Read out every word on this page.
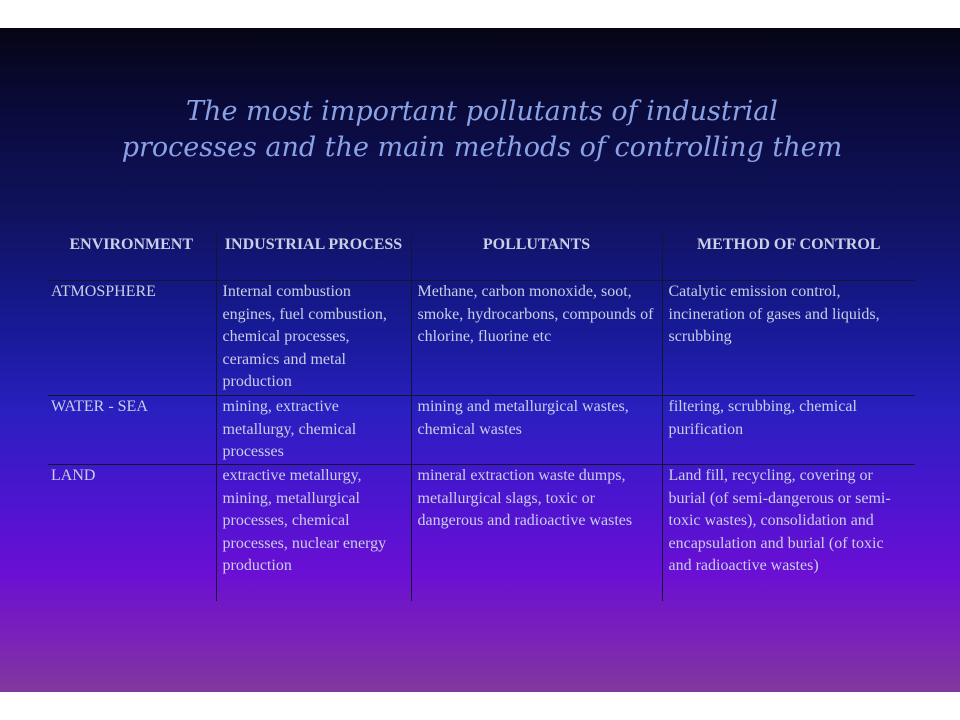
The most important pollutants of industrial processes and the main methods of controlling them
ENVIRONMENT	INDUSTRIAL PROCESS	POLLUTANTS	METHOD OF CONTROL
ATMOSPHERE	Internal combustion engines, fuel combustion, chemical processes, ceramics and metal production	Methane, carbon monoxide, soot, smoke, hydrocarbons, compounds of chlorine, fluorine etc	Catalytic emission control, incineration of gases and liquids, scrubbing
WATER - SEA	mining, extractive metallurgy, chemical processes	mining and metallurgical wastes, chemical wastes	filtering, scrubbing, chemical purification
LAND	extractive metallurgy, mining, metallurgical processes, chemical processes, nuclear energy production	mineral extraction waste dumps, metallurgical slags, toxic or dangerous and radioactive wastes	Land fill, recycling, covering or burial (of semi-dangerous or semi- toxic wastes), consolidation and encapsulation and burial (of toxic and radioactive wastes)
